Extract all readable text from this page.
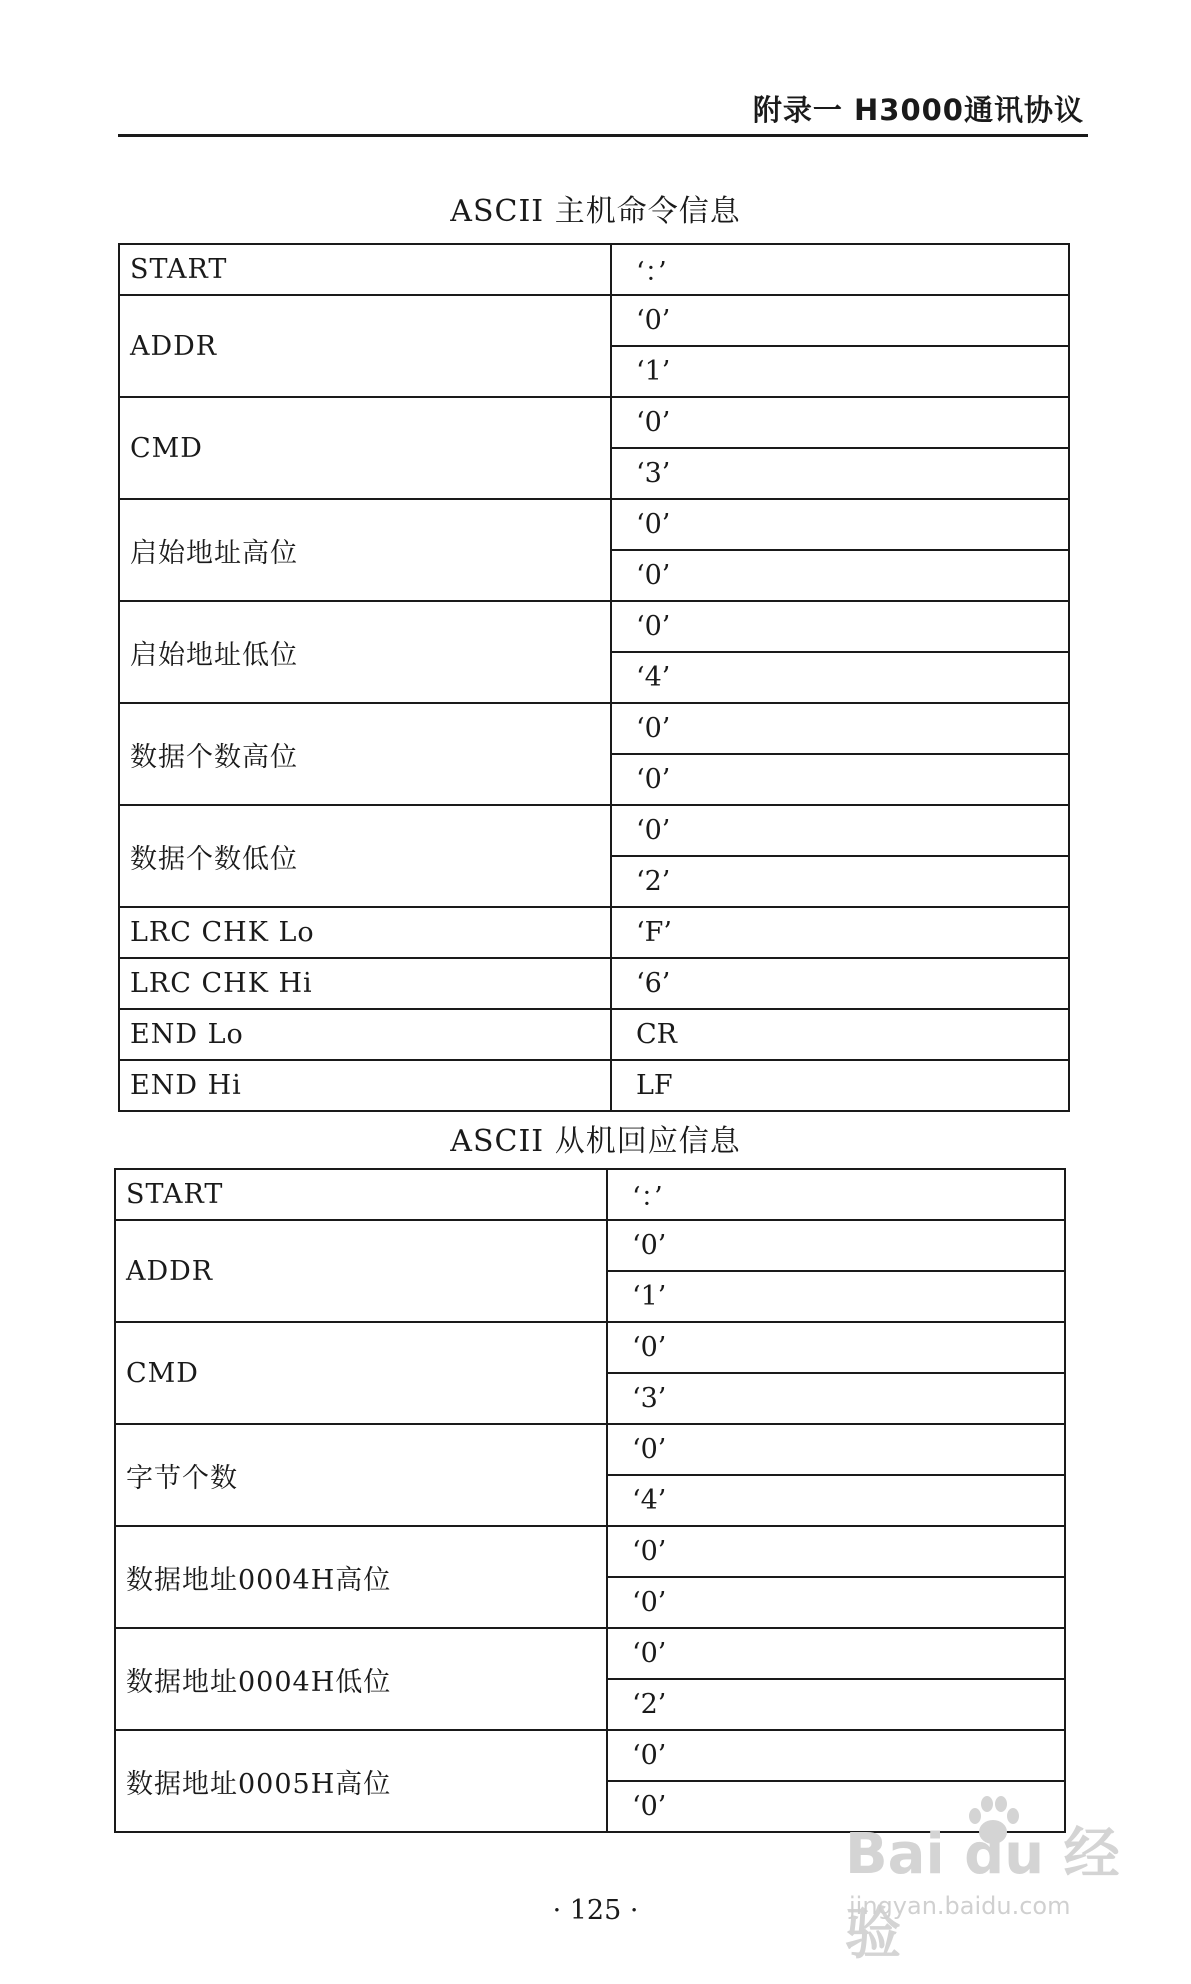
附录一 H3000通讯协议
ASCII 主机命令信息
START	‘：’
ADDR	‘0’
	‘1’
CMD	‘0’
	‘3’
启始地址高位	‘0’
	‘0’
启始地址低位	‘0’
	‘4’
数据个数高位	‘0’
	‘0’
数据个数低位	‘0’
	‘2’
LRC CHK Lo	‘F’
LRC CHK Hi	‘6’
END Lo	CR
END Hi	LF
ASCII 从机回应信息
START	‘：’
ADDR	‘0’
	‘1’
CMD	‘0’
	‘3’
字节个数	‘0’
	‘4’
数据地址0004H高位	‘0’
	‘0’
数据地址0004H低位	‘0’
	‘2’
数据地址0005H高位	‘0’
	‘0’
· 125 ·
Bai du 经验
jingyan.baidu.com
